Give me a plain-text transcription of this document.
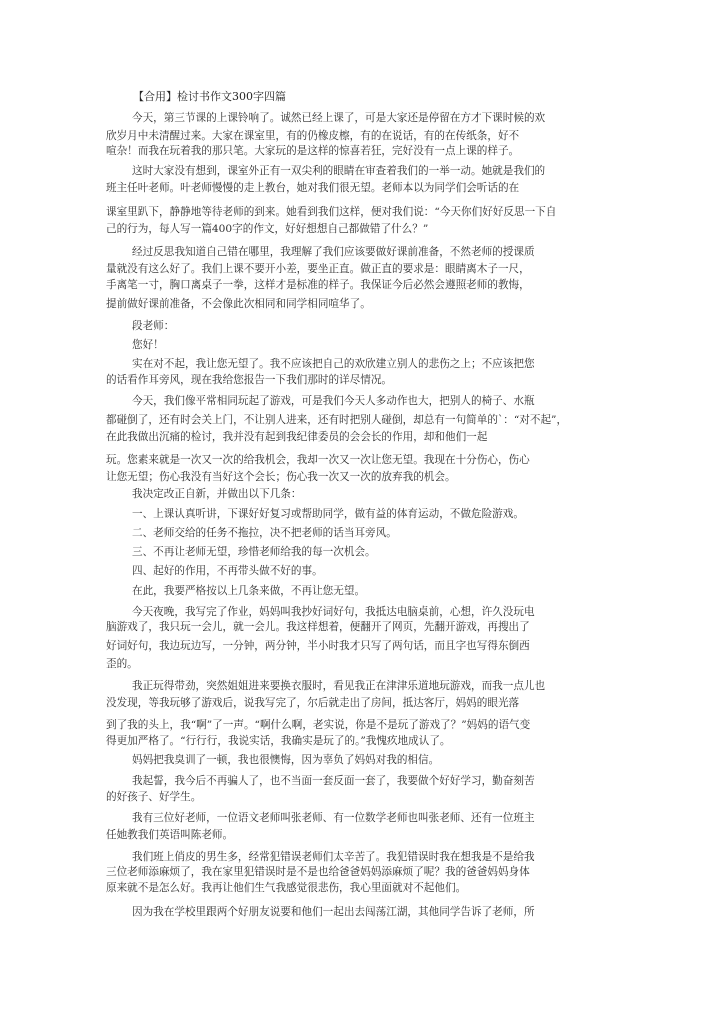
【合用】检讨书作文300字四篇
今天，第三节课的上课铃响了。诚然已经上课了，可是大家还是停留在方才下课时候的欢
欣岁月中未清醒过来。大家在课室里，有的仍橡皮檫，有的在说话，有的在传纸条，好不
喧杂！而我在玩着我的那只笔。大家玩的是这样的惊喜若狂，完好没有一点上课的样子。
这时大家没有想到，课室外正有一双尖利的眼睛在审查着我们的一举一动。她就是我们的
班主任叶老师。叶老师慢慢的走上教台，她对我们很无望。老师本以为同学们会听话的在
课室里趴下，静静地等待老师的到来。她看到我们这样，便对我们说：“今天你们好好反思一下自
己的行为，每人写一篇400字的作文，好好想想自己都做错了什么？”
经过反思我知道自己错在哪里，我理解了我们应该要做好课前准备，不然老师的授课质
量就没有这么好了。我们上课不要开小差，要坐正直。做正直的要求是：眼睛离木子一尺，
手离笔一寸，胸口离桌子一拳，这样才是标准的样子。我保证今后必然会遵照老师的教悔，
提前做好课前准备，不会像此次相同和同学相同喧华了。
段老师：
您好！
实在对不起，我让您无望了。我不应该把自己的欢欣建立别人的悲伤之上；不应该把您
的话看作耳旁风，现在我给您报告一下我们那时的详尽情况。
今天，我们像平常相同玩起了游戏，可是我们今天人多动作也大，把别人的椅子、水瓶
都碰倒了，还有时会关上门，不让别人进来，还有时把别人碰倒，却总有一句简单的`：“对不起”，
在此我做出沉痛的检讨，我并没有起到我纪律委员的会会长的作用，却和他们一起
玩。您素来就是一次又一次的给我机会，我却一次又一次让您无望。我现在十分伤心，伤心
让您无望；伤心我没有当好这个会长；伤心我一次又一次的放弃我的机会。
我决定改正自新，并做出以下几条：
一、上课认真听讲，下课好好复习或帮助同学，做有益的体育运动，不做危险游戏。
二、老师交给的任务不拖拉，决不把老师的话当耳旁风。
三、不再让老师无望，珍惜老师给我的每一次机会。
四、起好的作用，不再带头做不好的事。
在此，我要严格按以上几条来做，不再让您无望。
今天夜晚，我写完了作业，妈妈叫我抄好词好句，我抵达电脑桌前，心想，许久没玩电
脑游戏了，我只玩一会儿，就一会儿。我这样想着，便翻开了网页，先翻开游戏，再搜出了
好词好句，我边玩边写，一分钟，两分钟，半小时我才只写了两句话，而且字也写得东倒西
歪的。
我正玩得带劲，突然姐姐进来要换衣服时，看见我正在津津乐道地玩游戏，而我一点儿也
没发现，等我玩够了游戏后，说我写完了，尔后就走出了房间，抵达客厅，妈妈的眼光落
到了我的头上，我“啊”了一声。“啊什么啊，老实说，你是不是玩了游戏了？”妈妈的语气变
得更加严格了。“行行行，我说实话，我确实是玩了的。”我愧疚地成认了。
妈妈把我臭训了一顿，我也很懊悔，因为辜负了妈妈对我的相信。
我起誓，我今后不再骗人了，也不当面一套反面一套了，我要做个好好学习，勤奋刻苦
的好孩子、好学生。
我有三位好老师，一位语文老师叫张老师、有一位数学老师也叫张老师、还有一位班主
任她教我们英语叫陈老师。
我们班上俏皮的男生多，经常犯错误老师们太辛苦了。我犯错误时我在想我是不是给我
三位老师添麻烦了，我在家里犯错误时是不是也给爸爸妈妈添麻烦了呢？我的爸爸妈妈身体
原来就不是怎么好。我再让他们生气我感觉很悲伤，我心里面就对不起他们。
因为我在学校里跟两个好朋友说要和他们一起出去闯荡江湖，其他同学告诉了老师，所
